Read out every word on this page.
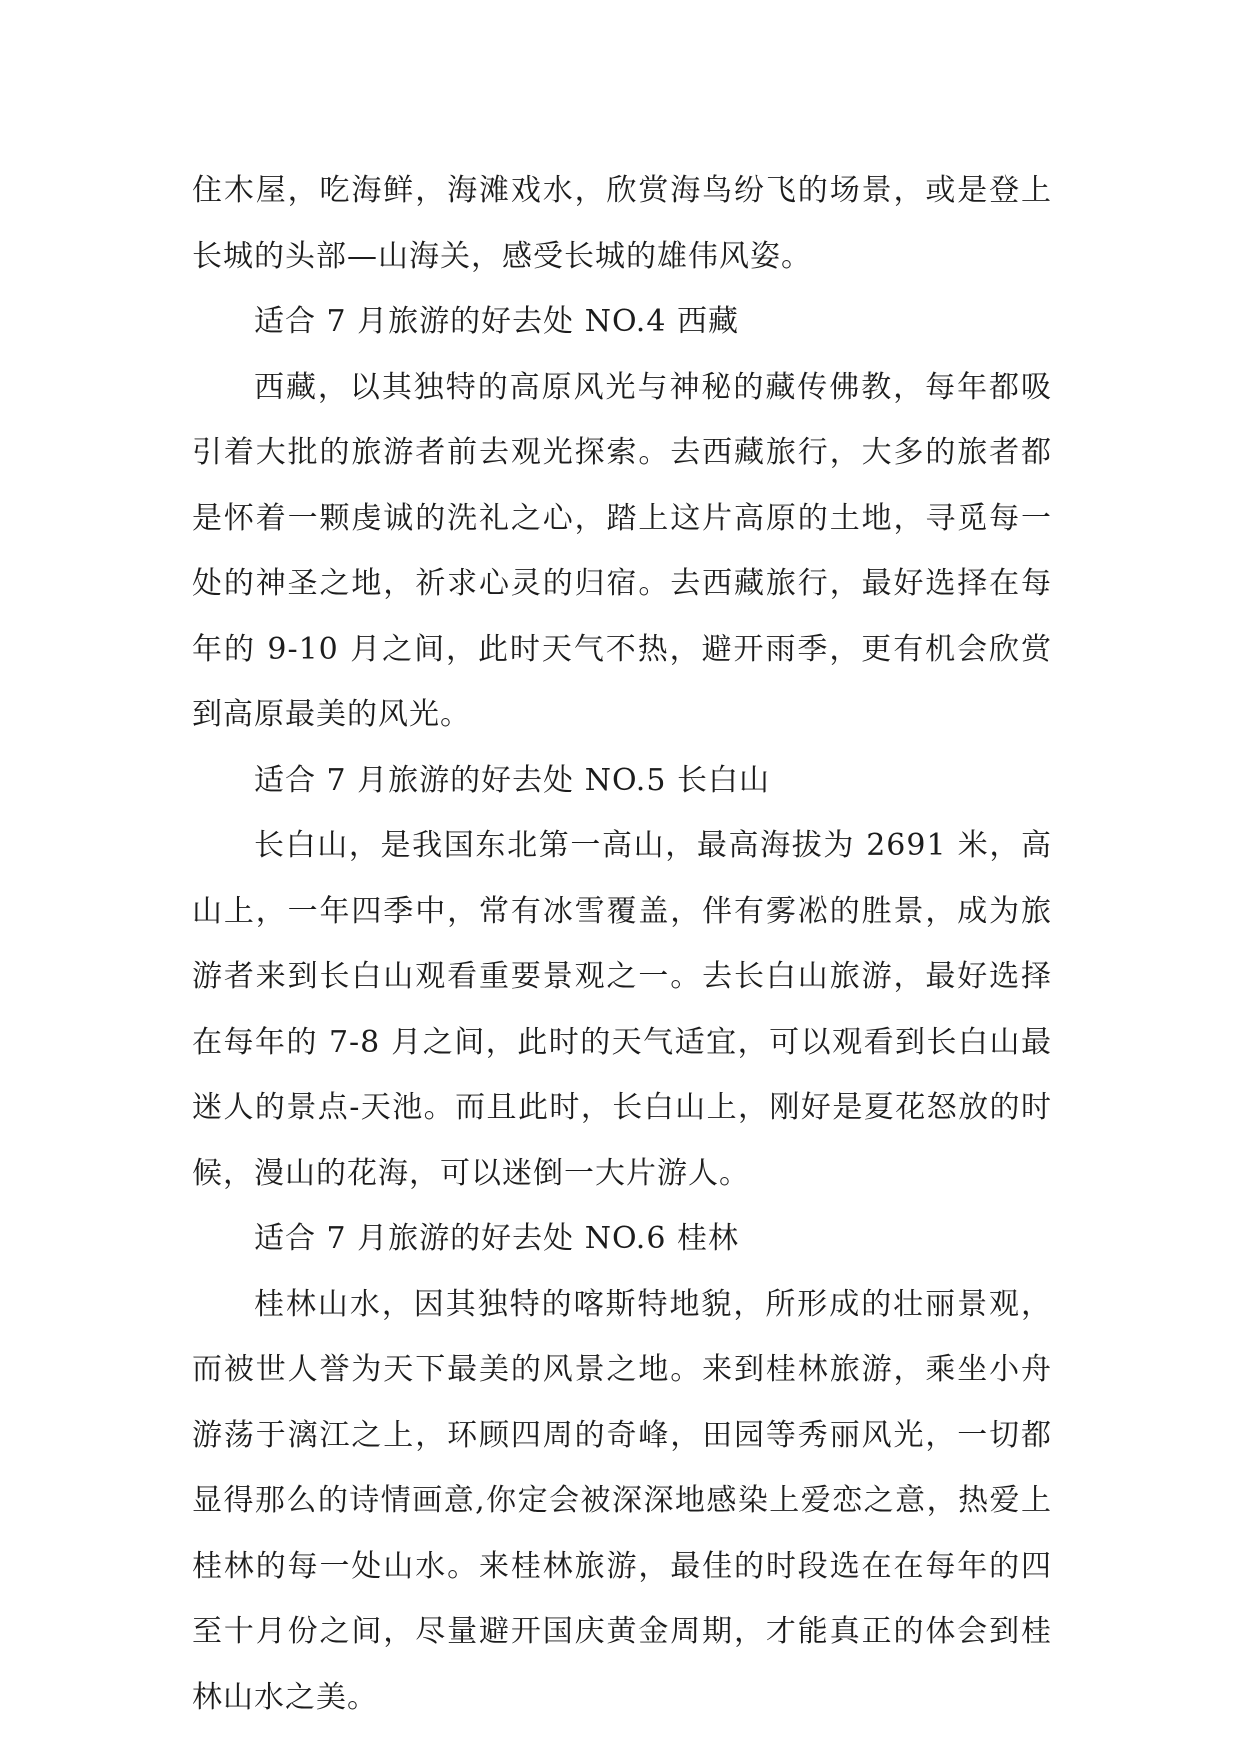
住木屋，吃海鲜，海滩戏水，欣赏海鸟纷飞的场景，或是登上长城的头部—山海关，感受长城的雄伟风姿。

适合 7 月旅游的好去处 NO.4 西藏

西藏，以其独特的高原风光与神秘的藏传佛教，每年都吸引着大批的旅游者前去观光探索。去西藏旅行，大多的旅者都是怀着一颗虔诚的洗礼之心，踏上这片高原的土地，寻觅每一处的神圣之地，祈求心灵的归宿。去西藏旅行，最好选择在每年的 9-10 月之间，此时天气不热，避开雨季，更有机会欣赏到高原最美的风光。

适合 7 月旅游的好去处 NO.5 长白山

长白山，是我国东北第一高山，最高海拔为 2691 米，高山上，一年四季中，常有冰雪覆盖，伴有雾凇的胜景，成为旅游者来到长白山观看重要景观之一。去长白山旅游，最好选择在每年的 7-8 月之间，此时的天气适宜，可以观看到长白山最迷人的景点-天池。而且此时，长白山上，刚好是夏花怒放的时候，漫山的花海，可以迷倒一大片游人。

适合 7 月旅游的好去处 NO.6 桂林

桂林山水，因其独特的喀斯特地貌，所形成的壮丽景观，而被世人誉为天下最美的风景之地。来到桂林旅游，乘坐小舟游荡于漓江之上，环顾四周的奇峰，田园等秀丽风光，一切都显得那么的诗情画意,你定会被深深地感染上爱恋之意，热爱上桂林的每一处山水。来桂林旅游，最佳的时段选在在每年的四至十月份之间，尽量避开国庆黄金周期，才能真正的体会到桂林山水之美。
